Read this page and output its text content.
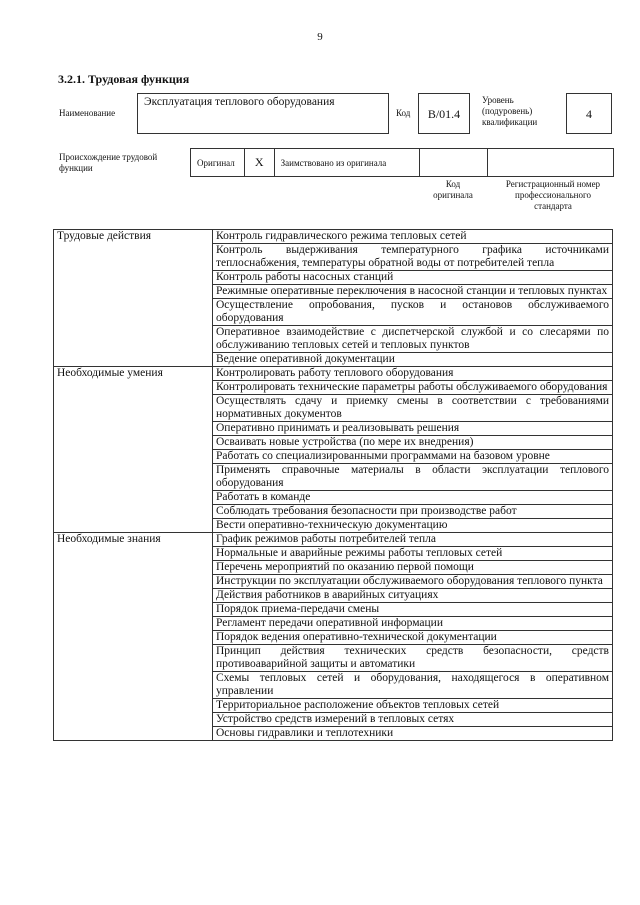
9
3.2.1. Трудовая функция
Наименование
Эксплуатация теплового оборудования
Код	B/01.4
Уровень
(подуровень)
квалификации
4
Происхождение трудовой
функции
Оригинал	X	Заимствовано из оригинала
Код
оригинала
Регистрационный номер
профессионального
стандарта
Трудовые действия	Контроль гидравлического режима тепловых сетей
	Контроль выдерживания температурного графика источниками теплоснабжения, температуры обратной воды от потребителей тепла
	Контроль работы насосных станций
	Режимные оперативные переключения в насосной станции и тепловых пунктах
	Осуществление опробования, пусков и остановов обслуживаемого оборудования
	Оперативное взаимодействие с диспетчерской службой и со слесарями по обслуживанию тепловых сетей и тепловых пунктов
	Ведение оперативной документации
Необходимые умения	Контролировать работу теплового оборудования
	Контролировать технические параметры работы обслуживаемого оборудования
	Осуществлять сдачу и приемку смены в соответствии с требованиями нормативных документов
	Оперативно принимать и реализовывать решения
	Осваивать новые устройства (по мере их внедрения)
	Работать со специализированными программами на базовом уровне
	Применять справочные материалы в области эксплуатации теплового оборудования
	Работать в команде
	Соблюдать требования безопасности при производстве работ
	Вести оперативно-техническую документацию
Необходимые знания	График режимов работы потребителей тепла
	Нормальные и аварийные режимы работы тепловых сетей
	Перечень мероприятий по оказанию первой помощи
	Инструкции по эксплуатации обслуживаемого оборудования теплового пункта
	Действия работников в аварийных ситуациях
	Порядок приема-передачи смены
	Регламент передачи оперативной информации
	Порядок ведения оперативно-технической документации
	Принцип действия технических средств безопасности, средств противоаварийной защиты и автоматики
	Схемы тепловых сетей и оборудования, находящегося в оперативном управлении
	Территориальное расположение объектов тепловых сетей
	Устройство средств измерений в тепловых сетях
	Основы гидравлики и теплотехники
